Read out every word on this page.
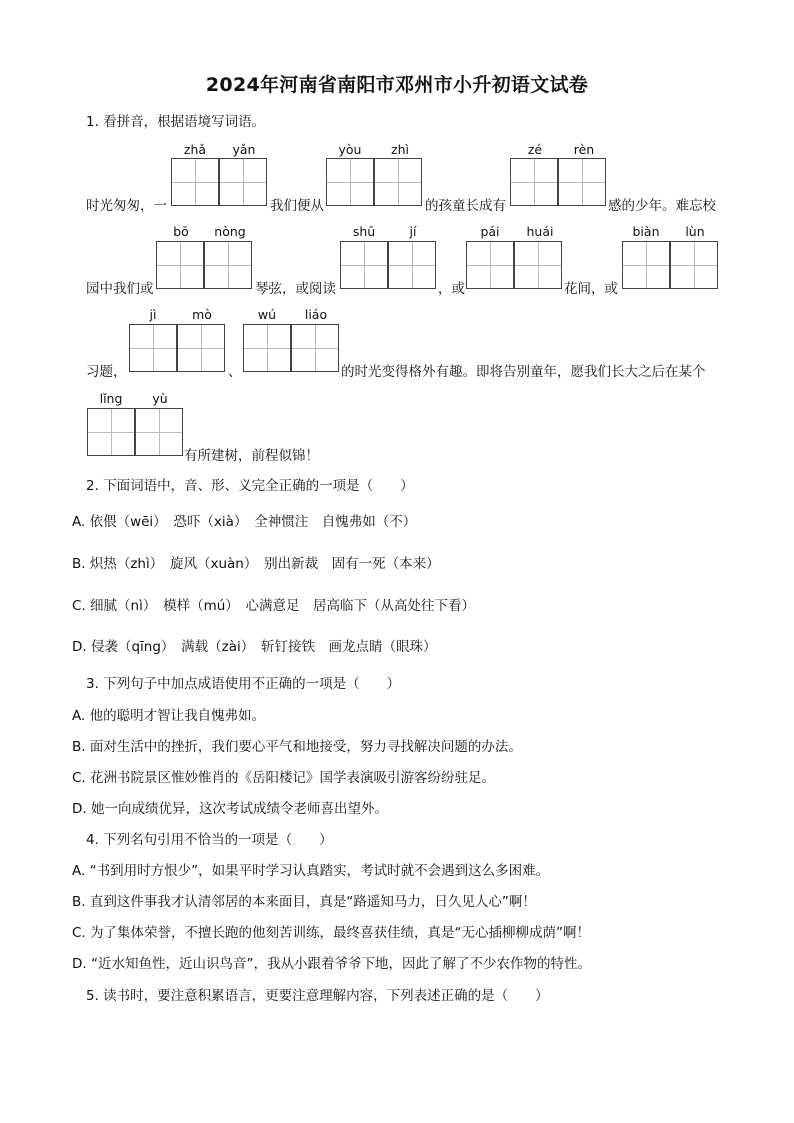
2024年河南省南阳市邓州市小升初语文试卷
1. 看拼音，根据语境写词语。
zhǎ	yǎn	yòu	zhì	zé	rèn
时光匆匆，一	我们便从	的孩童长成有	感的少年。难忘校
bō	nòng	shū	jí	pái	huái	biàn	lùn
园中我们或	琴弦，或阅读	，或	花间，或
jì	mò	wú	liáo
习题，	、	的时光变得格外有趣。即将告别童年，愿我们长大之后在某个
lǐng	yù
有所建树，前程似锦！
2. 下面词语中，音、形、义完全正确的一项是（　　）
A. 依偎（wēi）　恐吓（xià）　全神惯注　自愧弗如（不）
B. 炽热（zhì）　旋风（xuàn）　别出新裁　固有一死（本来）
C. 细腻（nì）　模样（mú）　心满意足　居高临下（从高处往下看）
D. 侵袭（qīng）　满载（zài）　斩钉接铁　画龙点睛（眼珠）
3. 下列句子中加点成语使用不正确的一项是（　　）
A. 他的聪明才智让我自愧弗如。
B. 面对生活中的挫折，我们要心平气和地接受，努力寻找解决问题的办法。
C. 花洲书院景区惟妙惟肖的《岳阳楼记》国学表演吸引游客纷纷驻足。
D. 她一向成绩优异，这次考试成绩令老师喜出望外。
4. 下列名句引用不恰当的一项是（　　）
A. “书到用时方恨少”，如果平时学习认真踏实，考试时就不会遇到这么多困难。
B. 直到这件事我才认清邻居的本来面目，真是“路遥知马力，日久见人心”啊！
C. 为了集体荣誉，不擅长跑的他刻苦训练，最终喜获佳绩，真是“无心插柳柳成荫”啊！
D. “近水知鱼性，近山识鸟音”，我从小跟着爷爷下地，因此了解了不少农作物的特性。
5. 读书时，要注意积累语言，更要注意理解内容，下列表述正确的是（　　）
